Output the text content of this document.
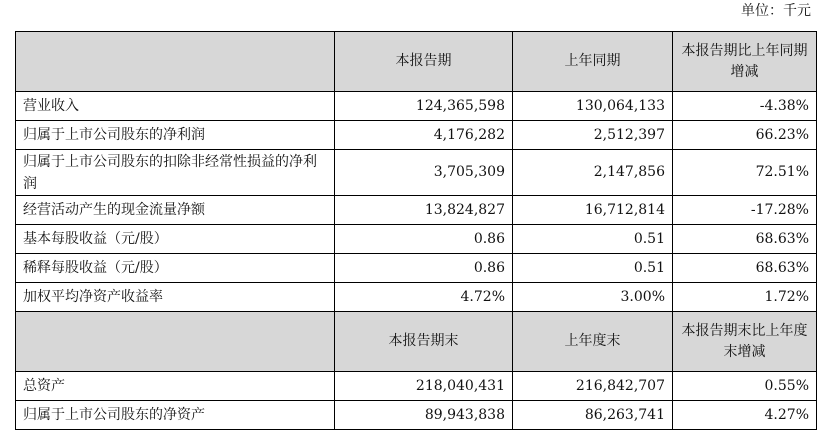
单位：千元
	本报告期	上年同期	本报告期比上年同期增减
营业收入	124,365,598	130,064,133	-4.38%
归属于上市公司股东的净利润	4,176,282	2,512,397	66.23%
归属于上市公司股东的扣除非经常性损益的净利润	3,705,309	2,147,856	72.51%
经营活动产生的现金流量净额	13,824,827	16,712,814	-17.28%
基本每股收益（元/股）	0.86	0.51	68.63%
稀释每股收益（元/股）	0.86	0.51	68.63%
加权平均净资产收益率	4.72%	3.00%	1.72%
	本报告期末	上年度末	本报告期末比上年度末增减
总资产	218,040,431	216,842,707	0.55%
归属于上市公司股东的净资产	89,943,838	86,263,741	4.27%
